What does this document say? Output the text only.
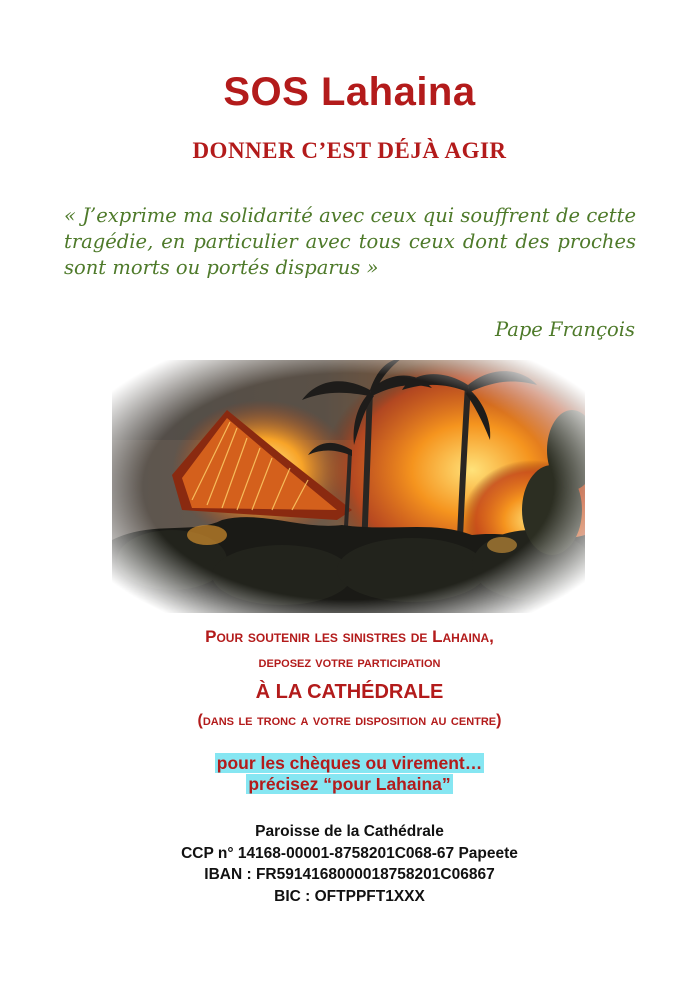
SOS Lahaina
DONNER C’EST DÉJÀ AGIR
« J’exprime ma solidarité avec ceux qui souffrent de cette tragédie, en particulier avec tous ceux dont des proches sont morts ou portés disparus »
Pape François
Pour soutenir les sinistres de Lahaina,
deposez votre participation
À LA CATHÉDRALE
(dans le tronc a votre disposition au centre)
pour les chèques ou virement…
précisez “pour Lahaina”
Paroisse de la Cathédrale
CCP n° 14168-00001-8758201C068-67 Papeete
IBAN : FR5914168000018758201C06867
BIC : OFTPPFT1XXX
